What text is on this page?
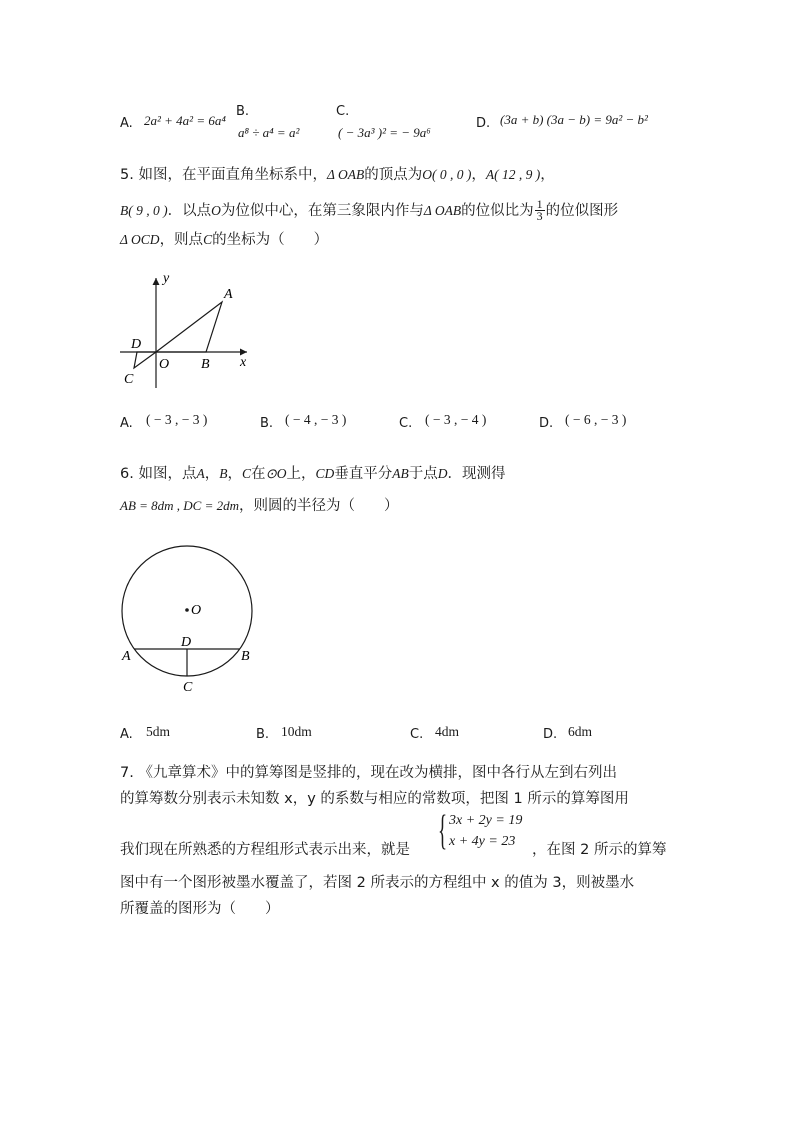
A. 2a² + 4a² = 6a⁴
B.
a⁸ ÷ a⁴ = a²
C.
( − 3a³ )² = − 9a⁶
D. (3a + b) (3a − b) = 9a² − b²
5. 如图，在平面直角坐标系中，Δ OAB的顶点为O( 0 , 0 )，A( 12 , 9 )，
B( 9 , 0 )．以点O为位似中心，在第三象限内作与Δ OAB的位似比为 $\frac{1}{3}$ 的位似图形
Δ OCD，则点C的坐标为（　　）
y
x
A
B
O
D
C
A. ( − 3 , − 3 )	B. ( − 4 , − 3 )	C. ( − 3 , − 4 )	D. ( − 6 , − 3 )
6. 如图，点A，B，C在⊙O上，CD垂直平分AB于点D．现测得
AB = 8dm , DC = 2dm，则圆的半径为（　　）
O
A	B
D
C
A. 5dm	B. 10dm	C. 4dm	D. 6dm
7. 《九章算术》中的算筹图是竖排的，现在改为横排，图中各行从左到右列出
的算筹数分别表示未知数 x，y 的系数与相应的常数项，把图 1 所示的算筹图用
我们现在所熟悉的方程组形式表示出来，就是 { 3x + 2y = 19
x + 4y = 23
，在图 2 所示的算筹
图中有一个图形被墨水覆盖了，若图 2 所表示的方程组中 x 的值为 3，则被墨水
所覆盖的图形为（　　）
